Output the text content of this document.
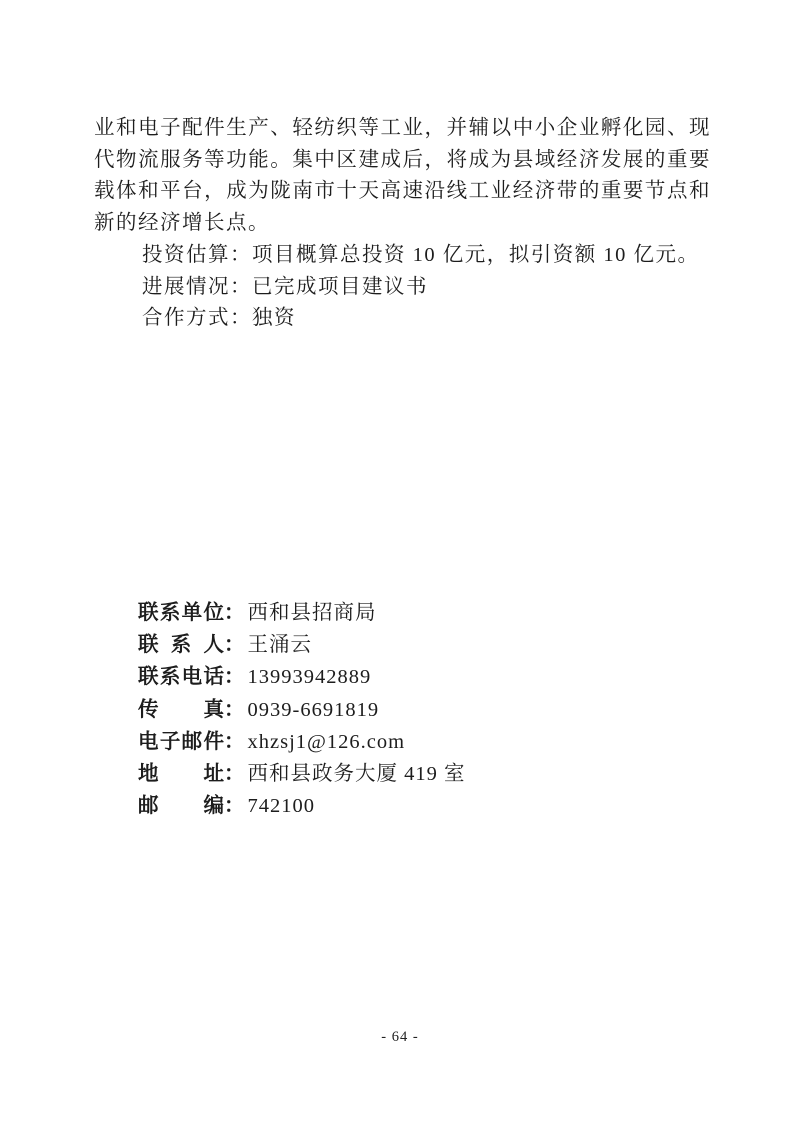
业和电子配件生产、轻纺织等工业，并辅以中小企业孵化园、现代物流服务等功能。集中区建成后，将成为县域经济发展的重要载体和平台，成为陇南市十天高速沿线工业经济带的重要节点和新的经济增长点。

投资估算：项目概算总投资 10 亿元，拟引资额 10 亿元。

进展情况：已完成项目建议书

合作方式：独资

联系单位： 西和县招商局
联系人： 王涌云
联系电话： 13993942889
传真： 0939-6691819
电子邮件： xhzsj1@126.com
地址： 西和县政务大厦 419 室
邮编： 742100
- 64 -
